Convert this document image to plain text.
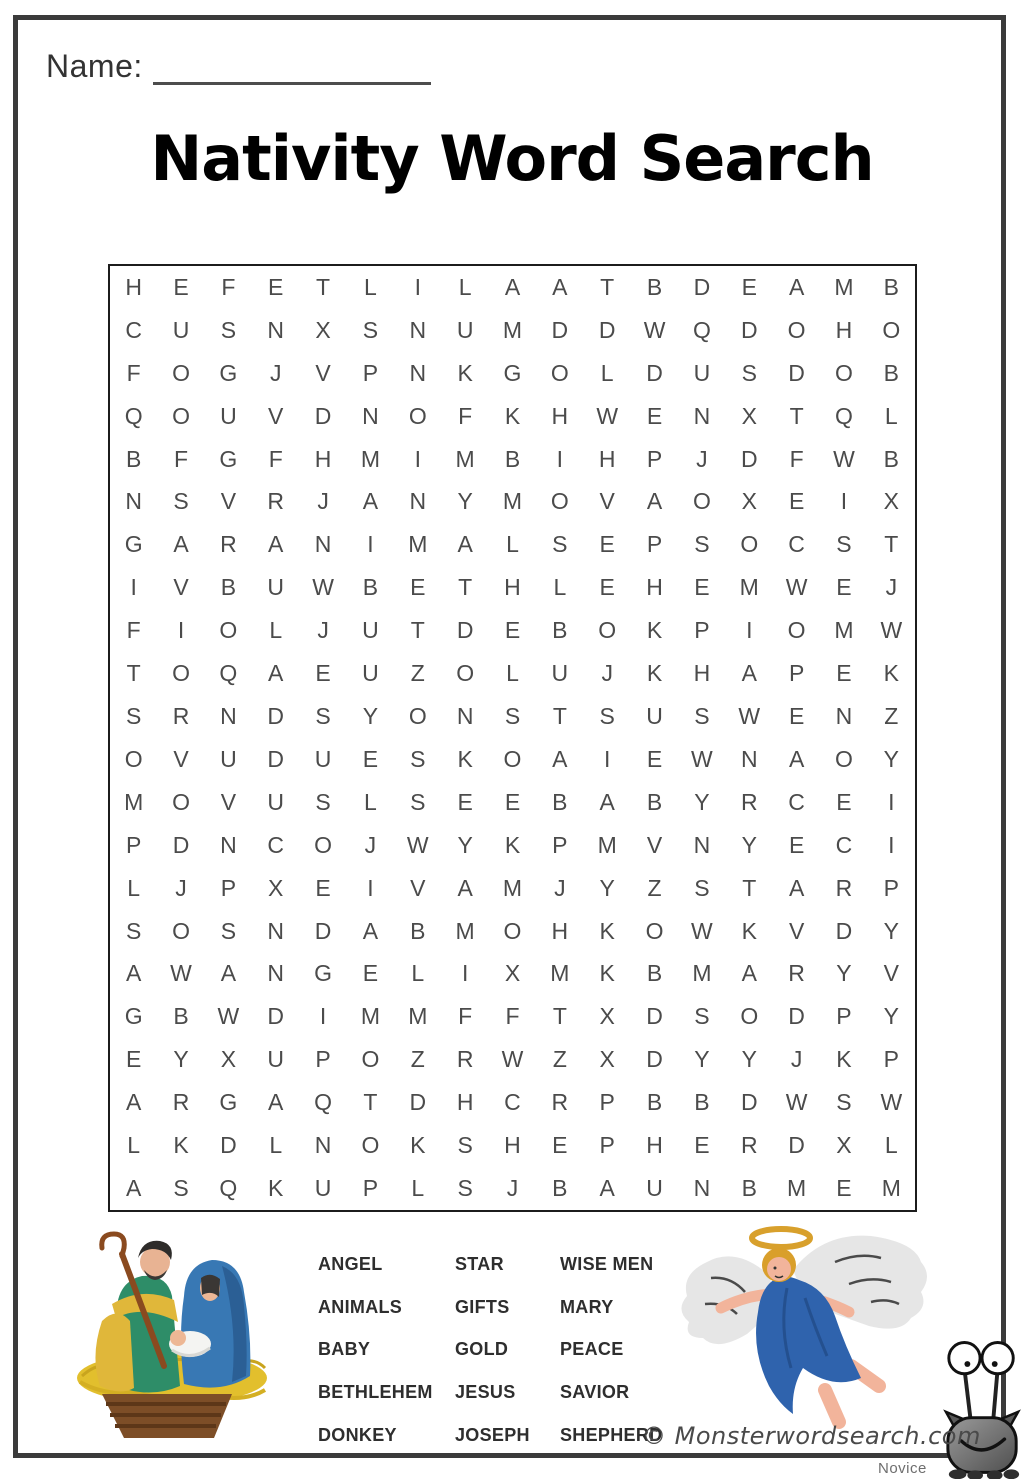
Name:
Nativity Word Search
H	E	F	E	T	L	I	L	A	A	T	B	D	E	A	M	B
C	U	S	N	X	S	N	U	M	D	D	W	Q	D	O	H	O
F	O	G	J	V	P	N	K	G	O	L	D	U	S	D	O	B
Q	O	U	V	D	N	O	F	K	H	W	E	N	X	T	Q	L
B	F	G	F	H	M	I	M	B	I	H	P	J	D	F	W	B
N	S	V	R	J	A	N	Y	M	O	V	A	O	X	E	I	X
G	A	R	A	N	I	M	A	L	S	E	P	S	O	C	S	T
I	V	B	U	W	B	E	T	H	L	E	H	E	M	W	E	J
F	I	O	L	J	U	T	D	E	B	O	K	P	I	O	M	W
T	O	Q	A	E	U	Z	O	L	U	J	K	H	A	P	E	K
S	R	N	D	S	Y	O	N	S	T	S	U	S	W	E	N	Z
O	V	U	D	U	E	S	K	O	A	I	E	W	N	A	O	Y
M	O	V	U	S	L	S	E	E	B	A	B	Y	R	C	E	I
P	D	N	C	O	J	W	Y	K	P	M	V	N	Y	E	C	I
L	J	P	X	E	I	V	A	M	J	Y	Z	S	T	A	R	P
S	O	S	N	D	A	B	M	O	H	K	O	W	K	V	D	Y
A	W	A	N	G	E	L	I	X	M	K	B	M	A	R	Y	V
G	B	W	D	I	M	M	F	F	T	X	D	S	O	D	P	Y
E	Y	X	U	P	O	Z	R	W	Z	X	D	Y	Y	J	K	P
A	R	G	A	Q	T	D	H	C	R	P	B	B	D	W	S	W
L	K	D	L	N	O	K	S	H	E	P	H	E	R	D	X	L
A	S	Q	K	U	P	L	S	J	B	A	U	N	B	M	E	M
ANGEL
ANIMALS
BABY
BETHLEHEM
DONKEY
STAR
GIFTS
GOLD
JESUS
JOSEPH
WISE MEN
MARY
PEACE
SAVIOR
SHEPHERD
© Monsterwordsearch.com
Novice
